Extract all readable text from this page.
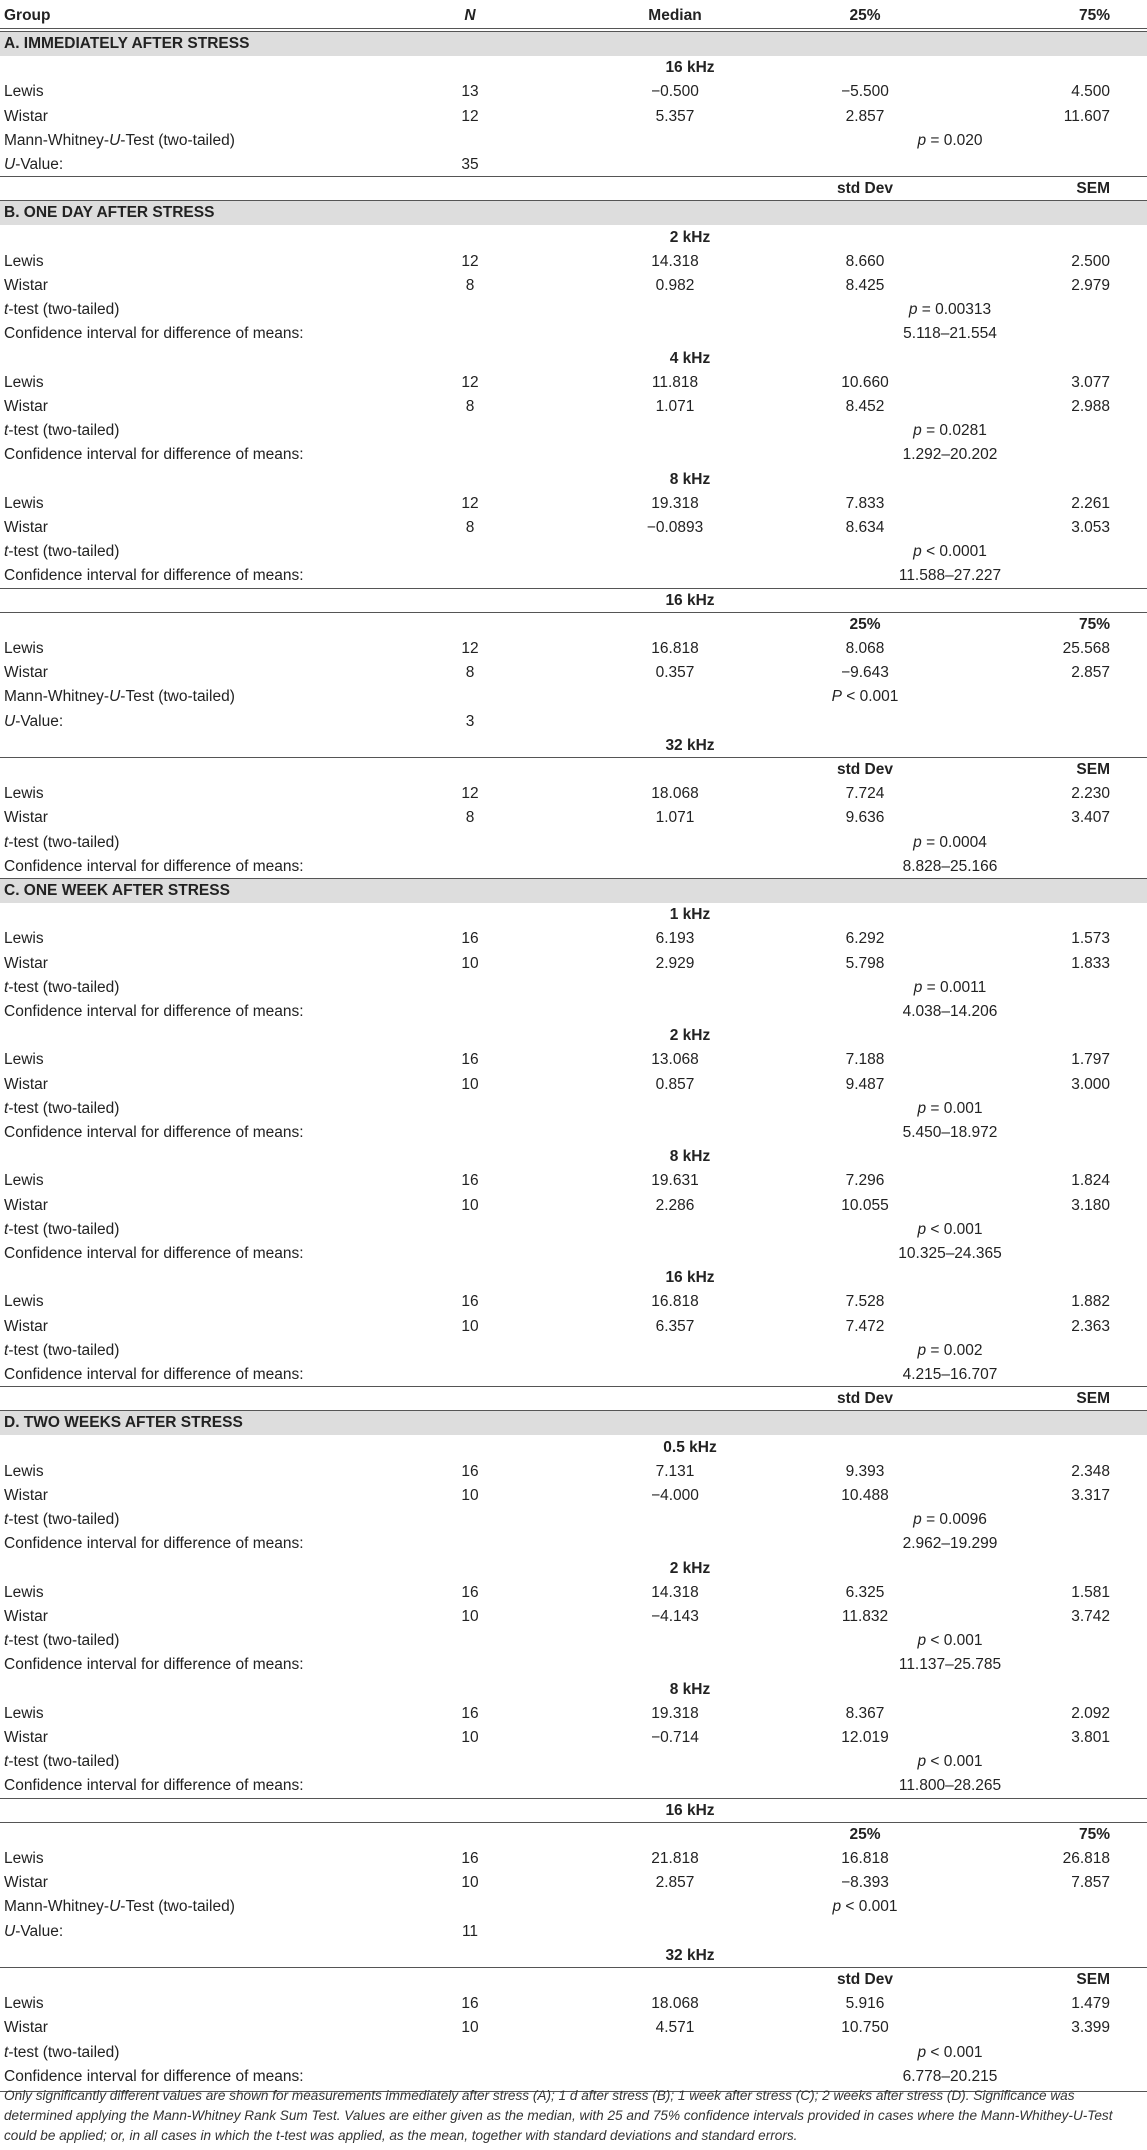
Group	N	Median	25%	75%
A. IMMEDIATELY AFTER STRESS
16 kHz
Lewis	13	−0.500	−5.500	4.500
Wistar	12	5.357	2.857	11.607
Mann-Whitney-U-Test (two-tailed)	p = 0.020
U-Value:	35
std Dev	SEM
B. ONE DAY AFTER STRESS
2 kHz
Lewis	12	14.318	8.660	2.500
Wistar	8	0.982	8.425	2.979
t-test (two-tailed)	p = 0.00313
Confidence interval for difference of means:	5.118–21.554
4 kHz
Lewis	12	11.818	10.660	3.077
Wistar	8	1.071	8.452	2.988
t-test (two-tailed)	p = 0.0281
Confidence interval for difference of means:	1.292–20.202
8 kHz
Lewis	12	19.318	7.833	2.261
Wistar	8	−0.0893	8.634	3.053
t-test (two-tailed)	p < 0.0001
Confidence interval for difference of means:	11.588–27.227
16 kHz
25%	75%
Lewis	12	16.818	8.068	25.568
Wistar	8	0.357	−9.643	2.857
Mann-Whitney-U-Test (two-tailed)	P < 0.001
U-Value:	3
32 kHz
std Dev	SEM
Lewis	12	18.068	7.724	2.230
Wistar	8	1.071	9.636	3.407
t-test (two-tailed)	p = 0.0004
Confidence interval for difference of means:	8.828–25.166
C. ONE WEEK AFTER STRESS
1 kHz
Lewis	16	6.193	6.292	1.573
Wistar	10	2.929	5.798	1.833
t-test (two-tailed)	p = 0.0011
Confidence interval for difference of means:	4.038–14.206
2 kHz
Lewis	16	13.068	7.188	1.797
Wistar	10	0.857	9.487	3.000
t-test (two-tailed)	p = 0.001
Confidence interval for difference of means:	5.450–18.972
8 kHz
Lewis	16	19.631	7.296	1.824
Wistar	10	2.286	10.055	3.180
t-test (two-tailed)	p < 0.001
Confidence interval for difference of means:	10.325–24.365
16 kHz
Lewis	16	16.818	7.528	1.882
Wistar	10	6.357	7.472	2.363
t-test (two-tailed)	p = 0.002
Confidence interval for difference of means:	4.215–16.707
std Dev	SEM
D. TWO WEEKS AFTER STRESS
0.5 kHz
Lewis	16	7.131	9.393	2.348
Wistar	10	−4.000	10.488	3.317
t-test (two-tailed)	p = 0.0096
Confidence interval for difference of means:	2.962–19.299
2 kHz
Lewis	16	14.318	6.325	1.581
Wistar	10	−4.143	11.832	3.742
t-test (two-tailed)	p < 0.001
Confidence interval for difference of means:	11.137–25.785
8 kHz
Lewis	16	19.318	8.367	2.092
Wistar	10	−0.714	12.019	3.801
t-test (two-tailed)	p < 0.001
Confidence interval for difference of means:	11.800–28.265
16 kHz
25%	75%
Lewis	16	21.818	16.818	26.818
Wistar	10	2.857	−8.393	7.857
Mann-Whitney-U-Test (two-tailed)	p < 0.001
U-Value:	11
32 kHz
std Dev	SEM
Lewis	16	18.068	5.916	1.479
Wistar	10	4.571	10.750	3.399
t-test (two-tailed)	p < 0.001
Confidence interval for difference of means:	6.778–20.215
Only significantly different values are shown for measurements immediately after stress (A); 1 d after stress (B); 1 week after stress (C); 2 weeks after stress (D). Significance was determined applying the Mann-Whitney Rank Sum Test. Values are either given as the median, with 25 and 75% confidence intervals provided in cases where the Mann-Whithey-U-Test could be applied; or, in all cases in which the t-test was applied, as the mean, together with standard deviations and standard errors.
